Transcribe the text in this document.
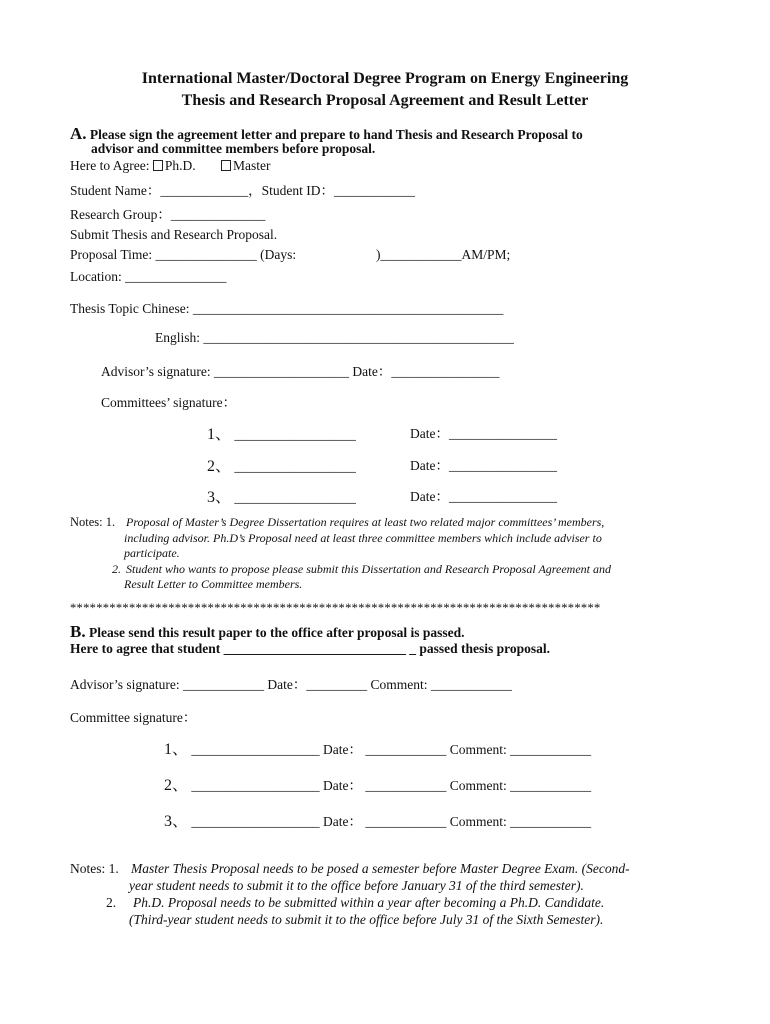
International Master/Doctoral Degree Program on Energy Engineering
Thesis and Research Proposal Agreement and Result Letter
A. Please sign the agreement letter and prepare to hand Thesis and Research Proposal to
advisor and committee members before proposal.
Here to Agree: Ph.D.	Master
Student Name：_____________，Student ID：____________
Research Group：______________
Submit Thesis and Research Proposal.
Proposal Time: _______________ (Days:	)____________AM/PM;
Location: _______________
Thesis Topic Chinese: ______________________________________________
English: ______________________________________________
Advisor’s signature: ____________________ Date：________________
Committees’ signature：
1、 __________________	Date：________________
2、 __________________	Date：________________
3、 __________________	Date：________________
Notes: 1. Proposal of Master’s Degree Dissertation requires at least two related major committees’ members,
including advisor. Ph.D’s Proposal need at least three committee members which include adviser to
participate.
2. Student who wants to propose please submit this Dissertation and Research Proposal Agreement and
Result Letter to Committee members.
*********************************************************************************
B. Please send this result paper to the office after proposal is passed.
Here to agree that student ___________________________ _ passed thesis proposal.
Advisor’s signature: ____________ Date：_________ Comment: ____________
Committee signature：
1、 ___________________ Date： ____________ Comment: ____________
2、 ___________________ Date： ____________ Comment: ____________
3、 ___________________ Date： ____________ Comment: ____________
Notes: 1. Master Thesis Proposal needs to be posed a semester before Master Degree Exam. (Second-
year student needs to submit it to the office before January 31 of the third semester).
2. Ph.D. Proposal needs to be submitted within a year after becoming a Ph.D. Candidate.
(Third-year student needs to submit it to the office before July 31 of the Sixth Semester).
